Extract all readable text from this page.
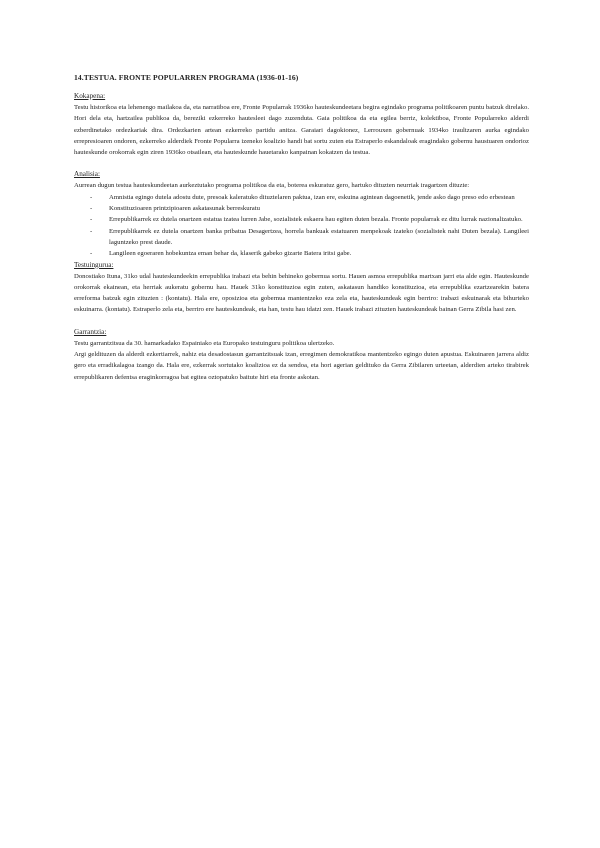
14.TESTUA. FRONTE POPULARREN PROGRAMA (1936-01-16)

Kokapena:

Testu historikoa eta lehenengo mailakoa da, eta narratiboa ere, Fronte Popularrak 1936ko hauteskundeetara begira egindako programa politikoaren puntu batzuk direlako. Hori dela eta, hartzailea publikoa da, bereziki ezkerreko hautesleei dago zuzenduta. Gaia politikoa da eta egilea berriz, kolektiboa, Fronte Popularreko alderdi ezberdinetako ordezkariak dira. Ordezkarien artean ezkerreko partidu anitza. Garaiari dagokionez, Lerrouxen gobernuak 1934ko iraultzaren aurka egindako errepresioaren ondoren, ezkerreko alderdiek Fronte Popularra izeneko koalizio handi bat sortu zuten eta Estraperlo eskandaloak eragindako gobernu haustuaren ondorioz hauteskunde orokorrak egin ziren 1936ko otsailean, eta hauteskunde hauetarako kanpainan kokatzen da testua.

Analisia:

Aurrean dugun testua hauteskundeetan aurkeztutako programa politikoa da eta, boterea eskuratuz gero, hartuko dituzten neurriak iragartzen dituzte:

-	Amnistia egingo dutela adostu dute, presoak kaleratuko dituztelaren paktua, izan ere, eskuina agintean dagoenetik, jende asko dago preso edo erbestean
-	Konstituzioaren printzipioaren askatasunak berreskuratu
-	Errepublikarrek ez dutela onartzen estatua izatea lurren Jabe, sozialistek eskaera hau egiten duten bezala. Fronte popularrak ez ditu lurrak nazionalizatuko.
-	Errepublikarrek ez dutela onartzen banka pribatua Desagertzea, horrela bankuak estatuaren menpekoak izateko (sozialistek nahi Duten bezala). Langileei laguntzeko prest daude.
-	Langileen egoeraren hobekuntza eman behar da, klaserik gabeko gizarte Batera iritsi gabe.

Testuingurua:

Donostiako Ituna, 31ko udal hauteskundeekin errepublika irabazi eta behin behineko gobernua sortu. Hauen asmoa errepublika martxan jarri eta alde egin. Hauteskunde orokorrak ekainean, eta herriak aukeratu gobernu hau. Hauek 31ko konstituzioa egin zuten, askatasun handiko konstituzioa, eta errepublika ezartzearekin batera erreforma batzuk egin zituzten : (kontatu). Hala ere, oposizioa eta gobernua mantentzeko eza zela eta, hauteskundeak egin berriro: irabazi eskuinarak eta bihurteko eskuinarra. (kontatu). Estraperlo zela eta, berriro ere hauteskundeak, eta han, testu hau idatzi zen. Hauek irabazi zituzten hauteskundeak bainan Gerra Zibila hasi zen.

Garrantzia:

Testu garrantzitsua da 30. hamarkadako Espainiako eta Europako testuinguru politikoa ulertzeko.

Argi geldituzen da alderdi ezkertiarrek, nahiz eta desadostasun garrantzitsuak izan, erregimen demokratikoa mantentzeko egingo duten apustua. Eskuinaren jarrera aldiz gero eta erradikalagoa izango da. Hala ere, ezkerrak sortutako koalizioa ez da sendoa, eta hori agerian geldituko da Gerra Zibilaren urteetan, alderdien arteko tirabirek errepublikaren defentsa eraginkorragoa bat egitea oztopatuko baitute hiri eta fronte askotan.
